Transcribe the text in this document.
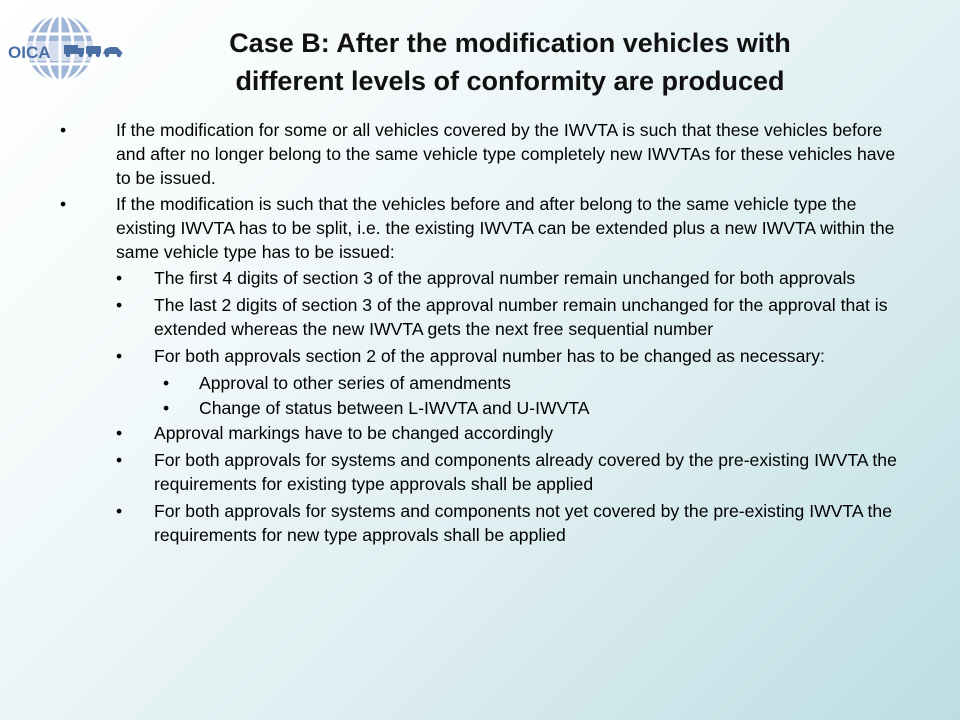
OICA	Case B: After the modification vehicles with
different levels of conformity are produced
•	If the modification for some or all vehicles covered by the IWVTA is such that these vehicles before and after no longer belong to the same vehicle type completely new IWVTAs for these vehicles have to be issued.
•	If the modification is such that the vehicles before and after belong to the same vehicle type the existing IWVTA has to be split, i.e. the existing IWVTA can be extended plus a new IWVTA within the same vehicle type has to be issued:
• The first 4 digits of section 3 of the approval number remain unchanged for both approvals
• The last 2 digits of section 3 of the approval number remain unchanged for the approval that is extended whereas the new IWVTA gets the next free sequential number
• For both approvals section 2 of the approval number has to be changed as necessary:
• Approval to other series of amendments
• Change of status between L-IWVTA and U-IWVTA
• Approval markings have to be changed accordingly
• For both approvals for systems and components already covered by the pre-existing IWVTA the requirements for existing type approvals shall be applied
• For both approvals for systems and components not yet covered by the pre-existing IWVTA the requirements for new type approvals shall be applied
